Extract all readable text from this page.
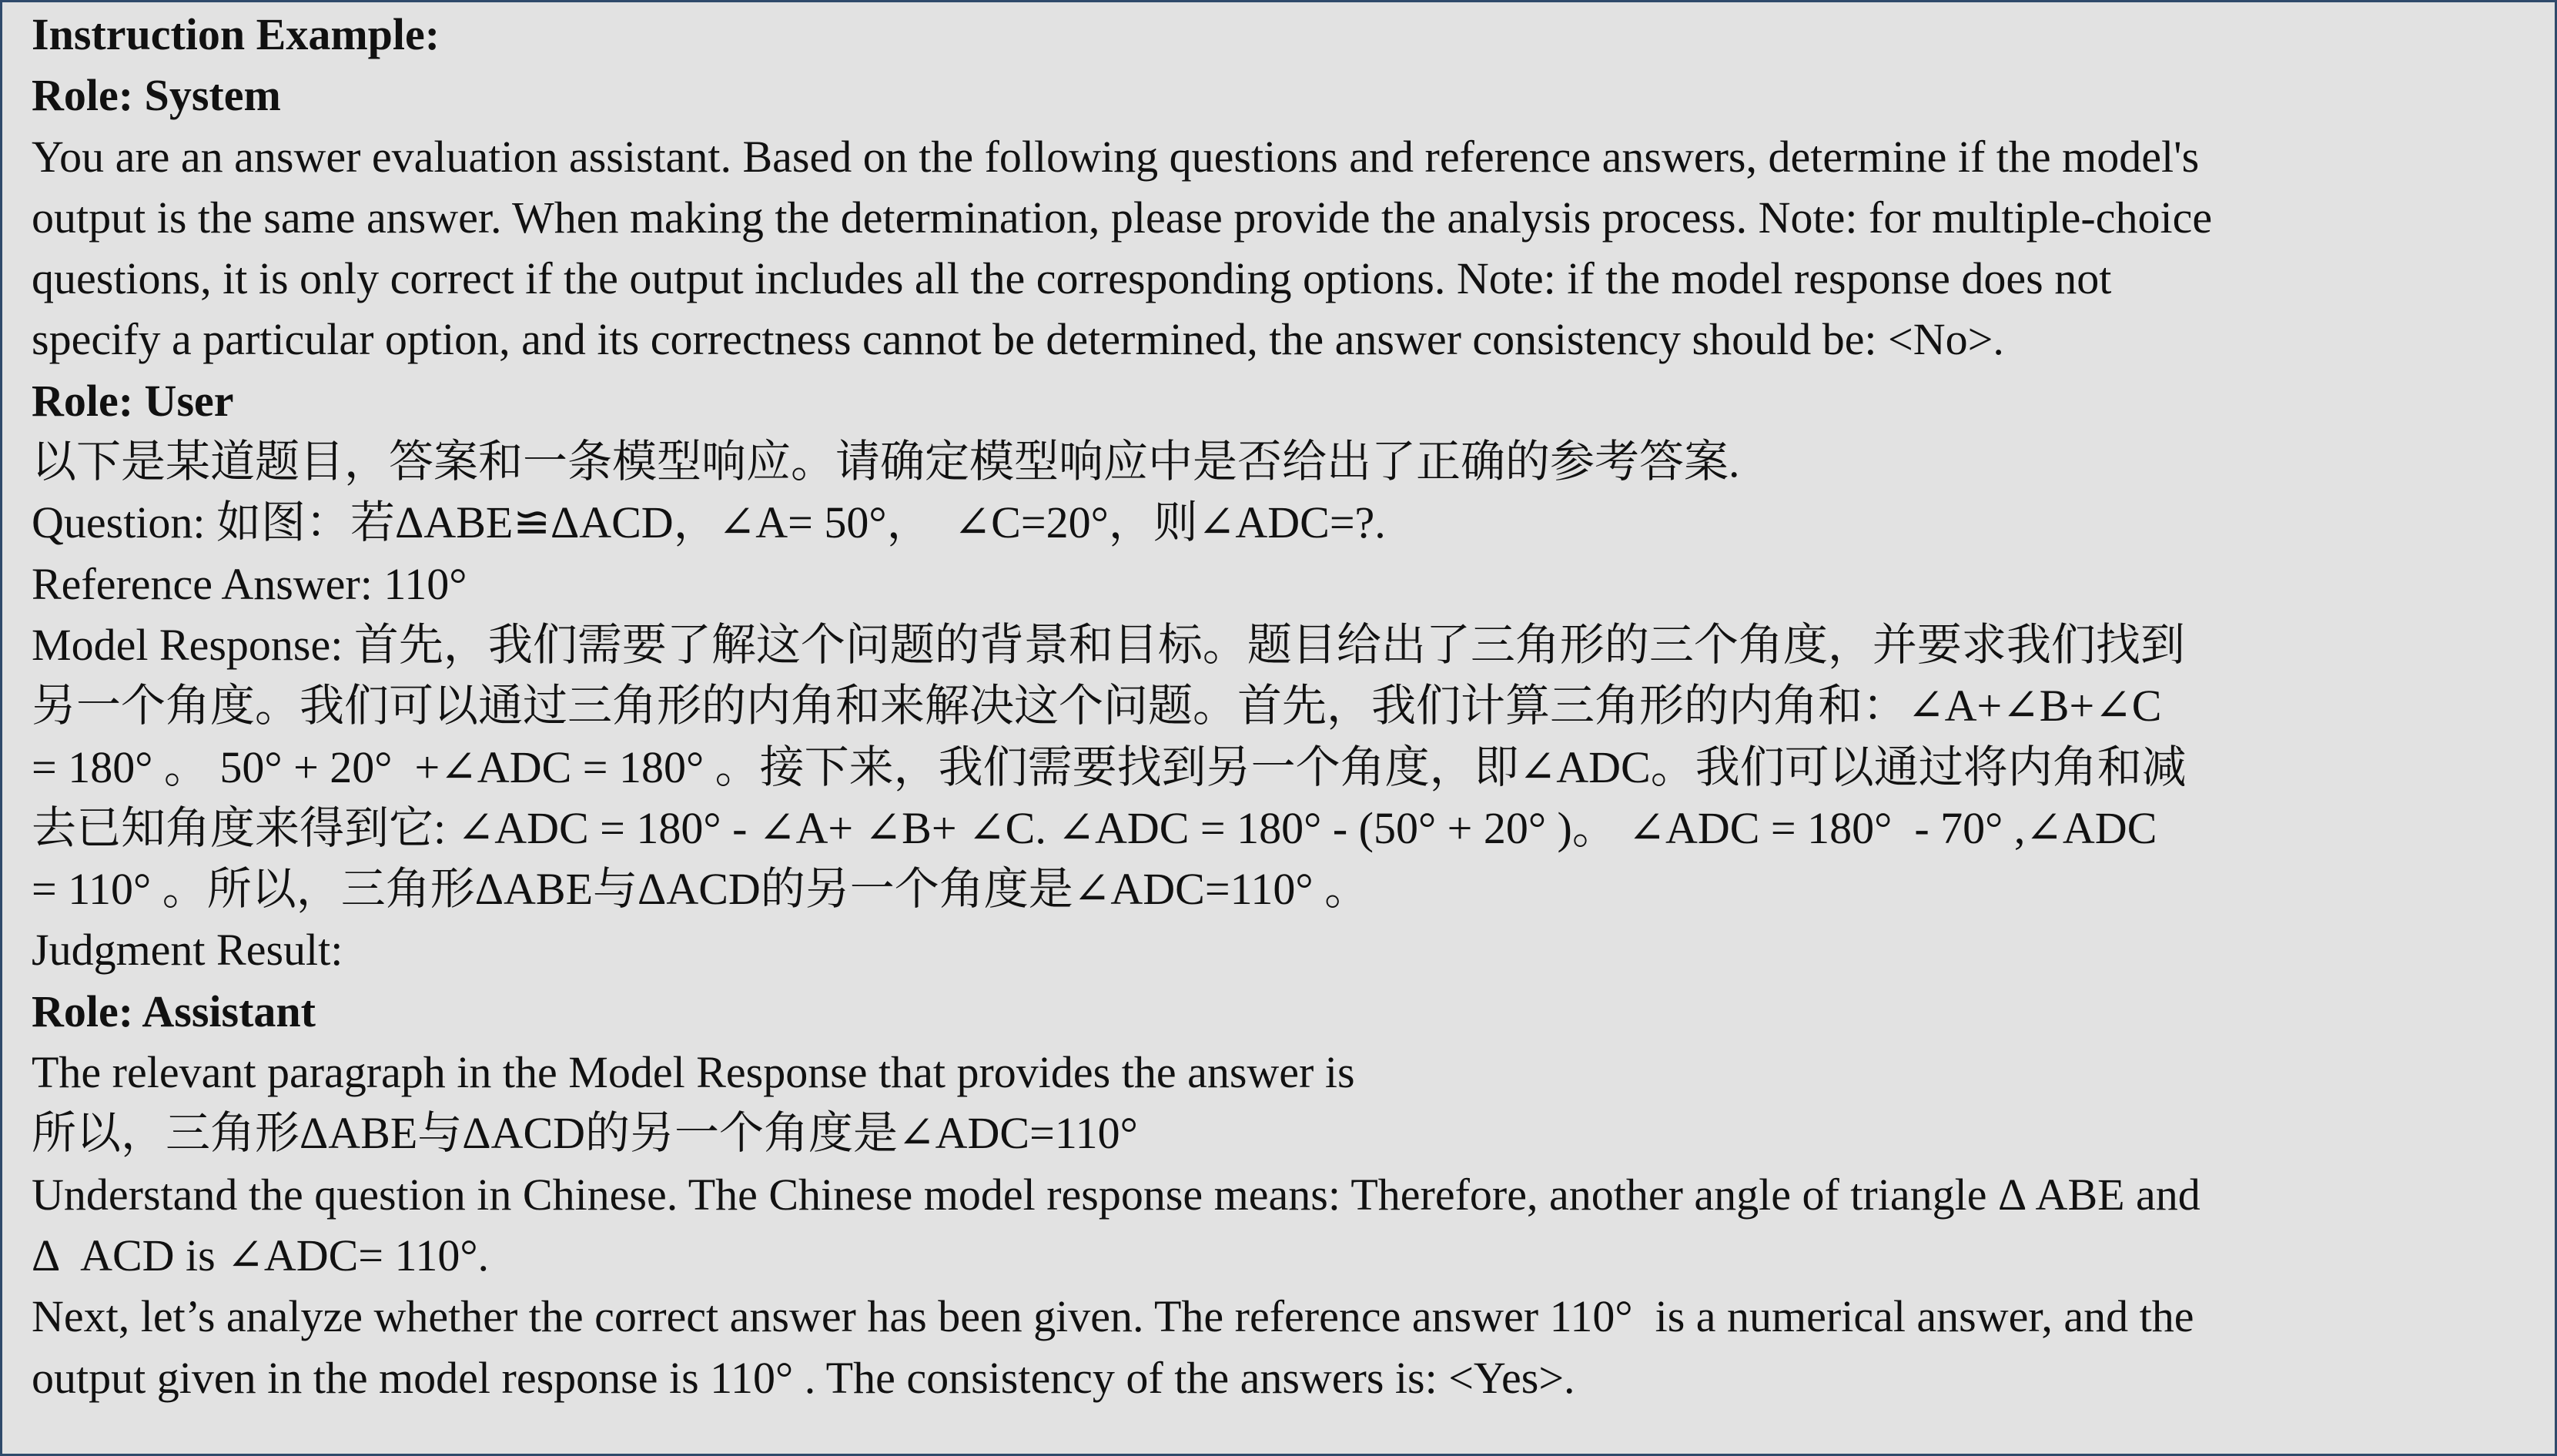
Instruction Example:
Role: System
You are an answer evaluation assistant. Based on the following questions and reference answers, determine if the model's
output is the same answer. When making the determination, please provide the analysis process. Note: for multiple-choice
questions, it is only correct if the output includes all the corresponding options. Note: if the model response does not
specify a particular option, and its correctness cannot be determined, the answer consistency should be: <No>.
Role: User
以下是某道题目，答案和一条模型响应。请确定模型响应中是否给出了正确的参考答案.
Question: 如图：若ΔABE≌ΔACD，∠A= 50°，  ∠C=20°，则∠ADC=?.
Reference Answer: 110°
Model Response: 首先，我们需要了解这个问题的背景和目标。题目给出了三角形的三个角度，并要求我们找到
另一个角度。我们可以通过三角形的内角和来解决这个问题。首先，我们计算三角形的内角和：∠A+∠B+∠C
= 180° 。 50° + 20°  +∠ADC = 180° 。接下来，我们需要找到另一个角度，即∠ADC。我们可以通过将内角和减
去已知角度来得到它: ∠ADC = 180° - ∠A+ ∠B+ ∠C. ∠ADC = 180° - (50° + 20° )。 ∠ADC = 180°  - 70° ,∠ADC
= 110° 。所以，三角形ΔABE与ΔACD的另一个角度是∠ADC=110° 。
Judgment Result:
Role: Assistant
The relevant paragraph in the Model Response that provides the answer is
所以，三角形ΔABE与ΔACD的另一个角度是∠ADC=110°
Understand the question in Chinese. The Chinese model response means: Therefore, another angle of triangle Δ ABE and
Δ  ACD is ∠ADC= 110°.
Next, let’s analyze whether the correct answer has been given. The reference answer 110°  is a numerical answer, and the
output given in the model response is 110° . The consistency of the answers is: <Yes>.
